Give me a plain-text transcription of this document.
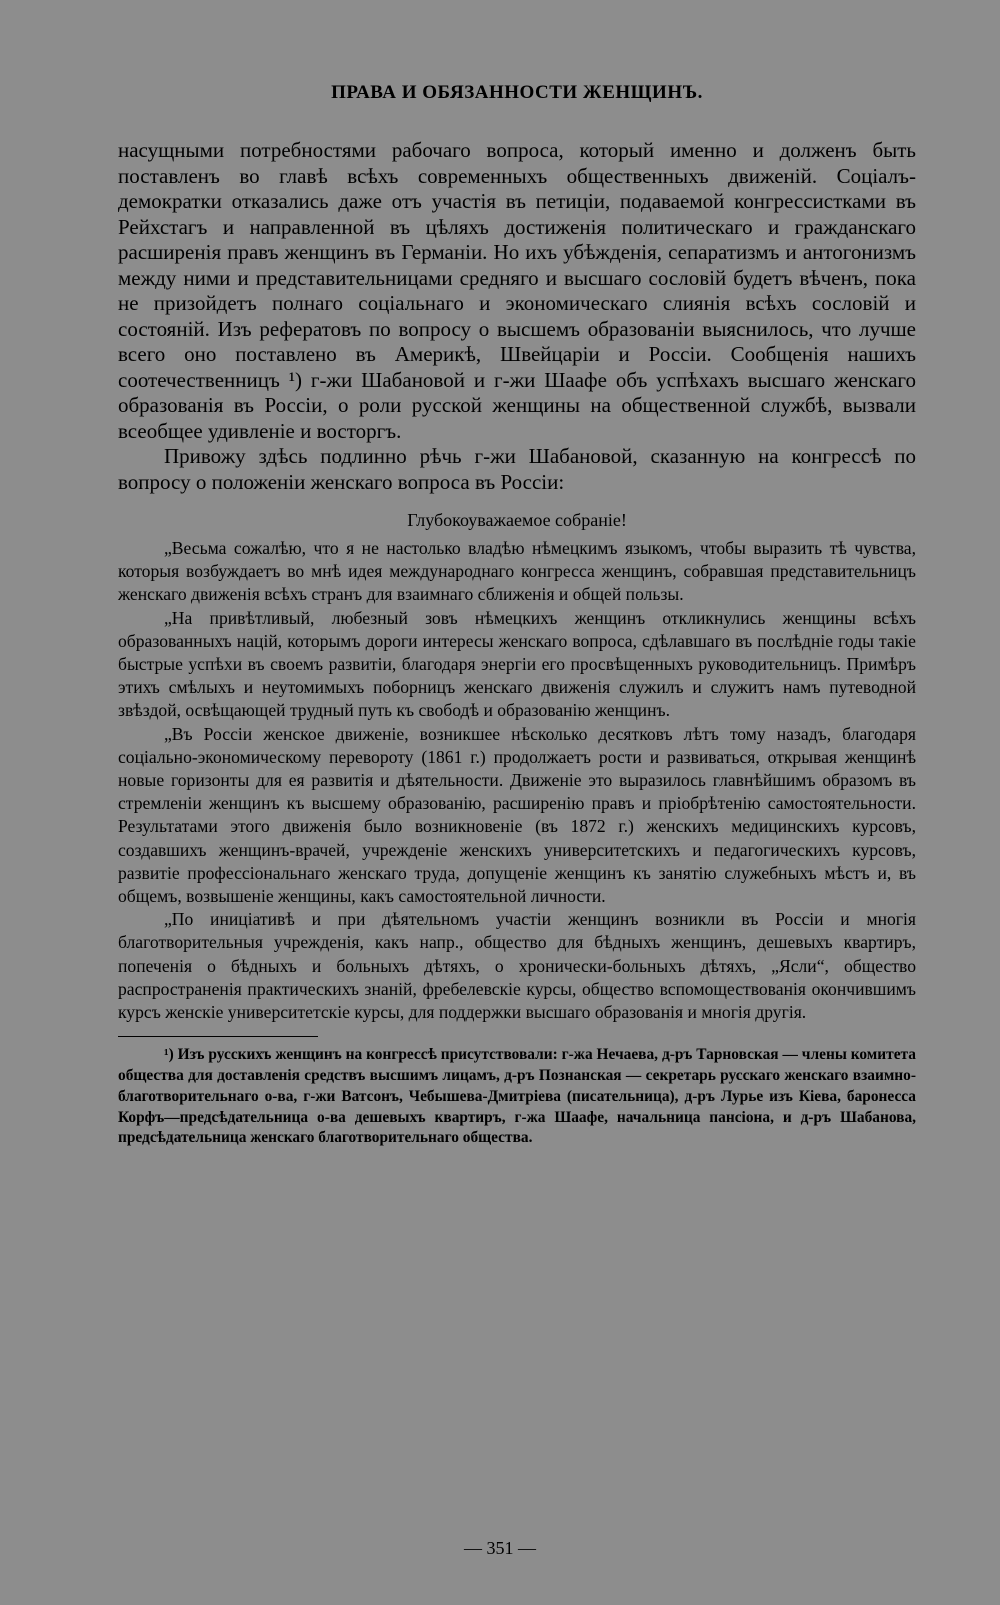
ПРАВА И ОБЯЗАННОСТИ ЖЕНЩИНЪ.

насущными потребностями рабочаго вопроса, который именно и долженъ быть поставленъ во главѣ всѣхъ современныхъ общественныхъ движеній. Соціалъ-демократки отказались даже отъ участія въ петиціи, подаваемой конгрессистками въ Рейхстагъ и направленной въ цѣляхъ достиженія политическаго и гражданскаго расширенія правъ женщинъ въ Германіи. Но ихъ убѣжденія, сепаратизмъ и антогонизмъ между ними и представительницами средняго и высшаго сословій будетъ вѣченъ, пока не призойдетъ полнаго соціальнаго и экономическаго слиянія всѣхъ сословій и состояній. Изъ рефератовъ по вопросу о высшемъ образованіи выяснилось, что лучше всего оно поставлено въ Америкѣ, Швейцаріи и Россіи. Сообщенія нашихъ соотечественницъ ¹) г-жи Шабановой и г-жи Шаафе объ успѣхахъ высшаго женскаго образованія въ Россіи, о роли русской женщины на общественной службѣ, вызвали всеобщее удивленіе и восторгъ.

Привожу здѣсь подлинно рѣчь г-жи Шабановой, сказанную на конгрессѣ по вопросу о положеніи женскаго вопроса въ Россіи:

Глубокоуважаемое собраніе!

„Весьма сожалѣю, что я не настолько владѣю нѣмецкимъ языкомъ, чтобы выразить тѣ чувства, которыя возбуждаетъ во мнѣ идея международнаго конгресса женщинъ, собравшая представительницъ женскаго движенія всѣхъ странъ для взаимнаго сближенія и общей пользы.

„На привѣтливый, любезный зовъ нѣмецкихъ женщинъ откликнулись женщины всѣхъ образованныхъ націй, которымъ дороги интересы женскаго вопроса, сдѣлавшаго въ послѣдніе годы такіе быстрые успѣхи въ своемъ развитіи, благодаря энергіи его просвѣщенныхъ руководительницъ. Примѣръ этихъ смѣлыхъ и неутомимыхъ поборницъ женскаго движенія служилъ и служитъ намъ путеводной звѣздой, освѣщающей трудный путь къ свободѣ и образованію женщинъ.

„Въ Россіи женское движеніе, возникшее нѣсколько десятковъ лѣтъ тому назадъ, благодаря соціально-экономическому перевороту (1861 г.) продолжаетъ рости и развиваться, открывая женщинѣ новые горизонты для ея развитія и дѣятельности. Движеніе это выразилось главнѣйшимъ образомъ въ стремленіи женщинъ къ высшему образованію, расширенію правъ и пріобрѣтенію самостоятельности. Результатами этого движенія было возникновеніе (въ 1872 г.) женскихъ медицинскихъ курсовъ, создавшихъ женщинъ-врачей, учрежденіе женскихъ университетскихъ и педагогическихъ курсовъ, развитіе профессіональнаго женскаго труда, допущеніе женщинъ къ занятію служебныхъ мѣстъ и, въ общемъ, возвышеніе женщины, какъ самостоятельной личности.

„По иниціативѣ и при дѣятельномъ участіи женщинъ возникли въ Россіи и многія благотворительныя учрежденія, какъ напр., общество для бѣдныхъ женщинъ, дешевыхъ квартиръ, попеченія о бѣдныхъ и больныхъ дѣтяхъ, о хронически-больныхъ дѣтяхъ, „Ясли“, общество распространенія практическихъ знаній, фребелевскіе курсы, общество вспомоществованія окончившимъ курсъ женскіе университетскіе курсы, для поддержки высшаго образованія и многія другія.

¹) Изъ русскихъ женщинъ на конгрессѣ присутствовали: г-жа Нечаева, д-ръ Тарновская — члены комитета общества для доставленія средствъ высшимъ лицамъ, д-ръ Познанская — секретарь русскаго женскаго взаимно-благотворительнаго о-ва, г-жи Ватсонъ, Чебышева-Дмитріева (писательница), д-ръ Лурье изъ Кіева, баронесса Корфъ—предсѣдательница о-ва дешевыхъ квартиръ, г-жа Шаафе, начальница пансіона, и д-ръ Шабанова, предсѣдательница женскаго благотворительнаго общества.

— 351 —
